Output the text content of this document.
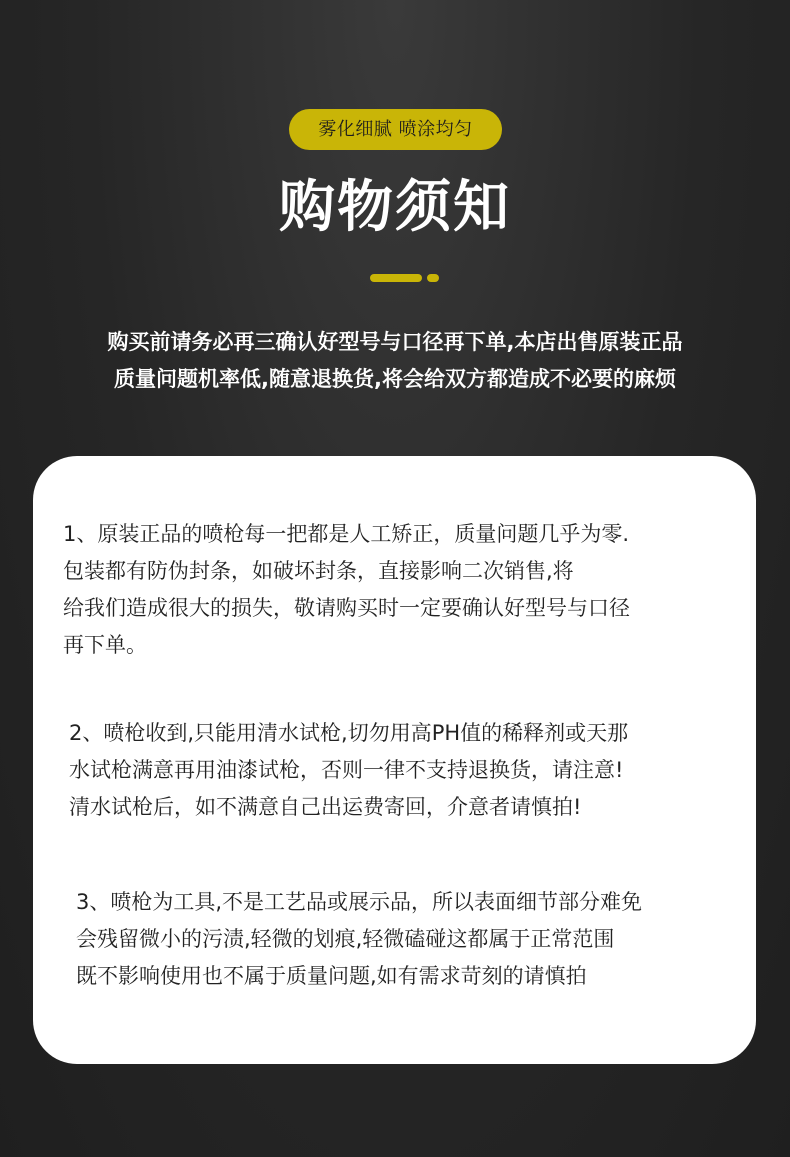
雾化细腻 喷涂均匀
购物须知
购买前请务必再三确认好型号与口径再下单,本店出售原装正品
质量问题机率低,随意退换货,将会给双方都造成不必要的麻烦
1、原装正品的喷枪每一把都是人工矫正，质量问题几乎为零.
包装都有防伪封条，如破坏封条，直接影响二次销售,将
给我们造成很大的损失，敬请购买时一定要确认好型号与口径
再下单。
2、喷枪收到,只能用清水试枪,切勿用高PH值的稀释剂或天那
水试枪满意再用油漆试枪，否则一律不支持退换货，请注意!
清水试枪后，如不满意自己出运费寄回，介意者请慎拍!
3、喷枪为工具,不是工艺品或展示品，所以表面细节部分难免
会残留微小的污渍,轻微的划痕,轻微磕碰这都属于正常范围
既不影响使用也不属于质量问题,如有需求苛刻的请慎拍
